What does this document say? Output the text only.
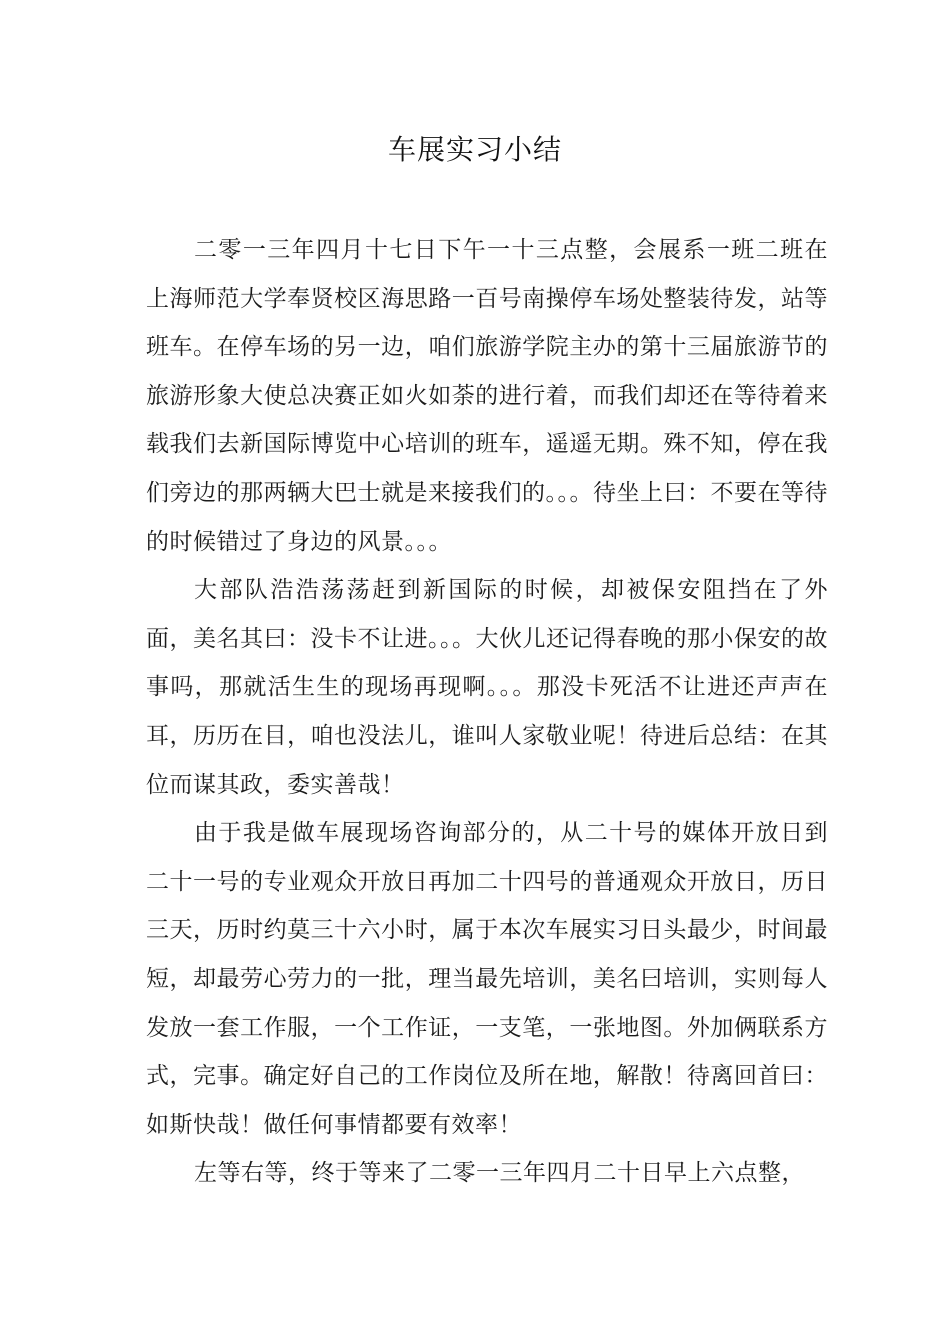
车展实习小结

二零一三年四月十七日下午一十三点整，会展系一班二班在上海师范大学奉贤校区海思路一百号南操停车场处整装待发，站等班车。在停车场的另一边，咱们旅游学院主办的第十三届旅游节的旅游形象大使总决赛正如火如荼的进行着，而我们却还在等待着来载我们去新国际博览中心培训的班车，遥遥无期。殊不知，停在我们旁边的那两辆大巴士就是来接我们的。。。待坐上曰：不要在等待的时候错过了身边的风景。。。

大部队浩浩荡荡赶到新国际的时候，却被保安阻挡在了外面，美名其曰：没卡不让进。。。大伙儿还记得春晚的那小保安的故事吗，那就活生生的现场再现啊。。。那没卡死活不让进还声声在耳，历历在目，咱也没法儿，谁叫人家敬业呢！待进后总结：在其位而谋其政，委实善哉！

由于我是做车展现场咨询部分的，从二十号的媒体开放日到二十一号的专业观众开放日再加二十四号的普通观众开放日，历日三天，历时约莫三十六小时，属于本次车展实习日头最少，时间最短，却最劳心劳力的一批，理当最先培训，美名曰培训，实则每人发放一套工作服，一个工作证，一支笔，一张地图。外加俩联系方式，完事。确定好自己的工作岗位及所在地，解散！待离回首曰：如斯快哉！做任何事情都要有效率！

左等右等，终于等来了二零一三年四月二十日早上六点整，
